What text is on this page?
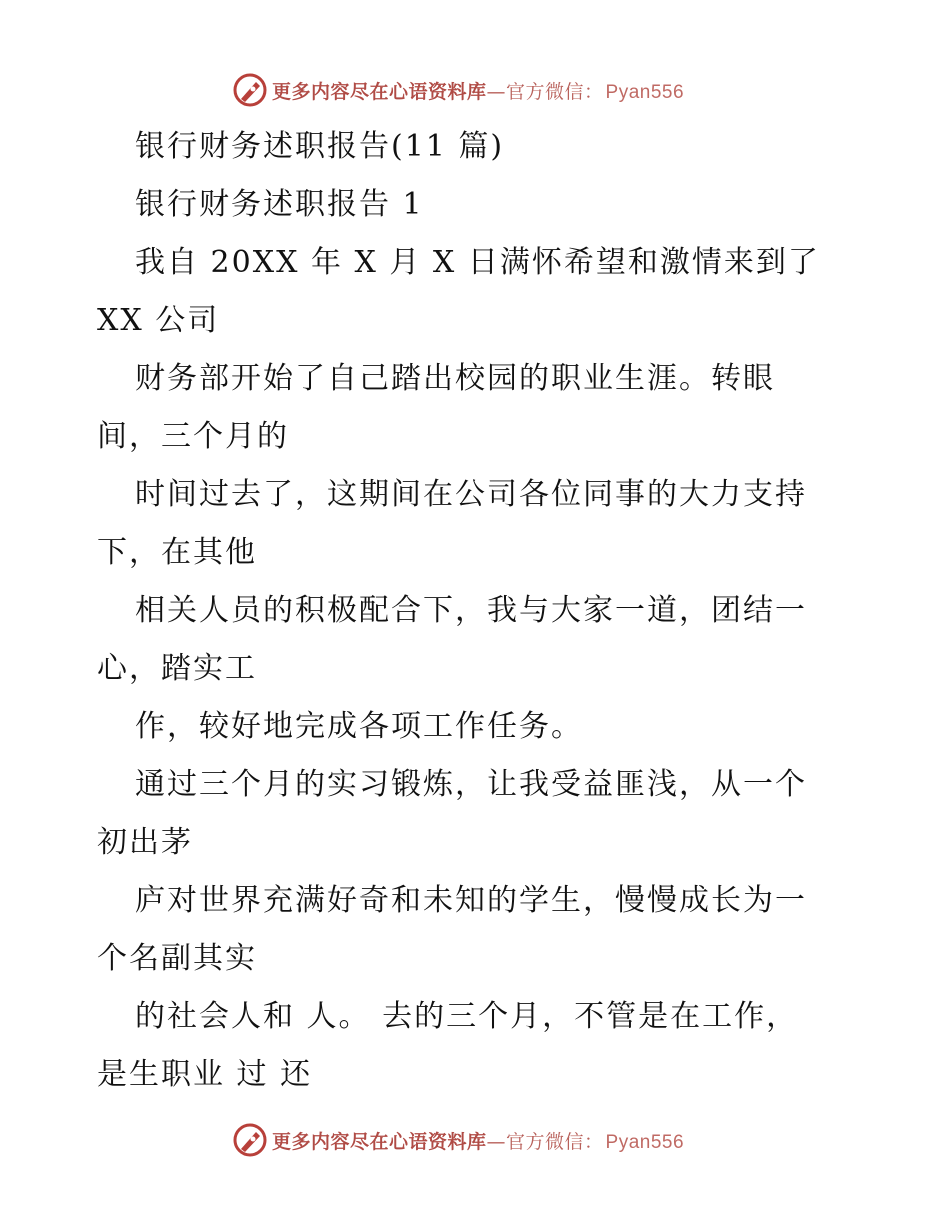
更多内容尽在心语资料库—官方微信： Pyan556
银行财务述职报告(11 篇)
银行财务述职报告 1
我自 20XX 年 X 月 X 日满怀希望和激情来到了
XX 公司
财务部开始了自己踏出校园的职业生涯。转眼
间，三个月的
时间过去了，这期间在公司各位同事的大力支持
下，在其他
相关人员的积极配合下，我与大家一道，团结一
心，踏实工
作，较好地完成各项工作任务。
通过三个月的实习锻炼，让我受益匪浅，从一个
初出茅
庐对世界充满好奇和未知的学生，慢慢成长为一
个名副其实
的社会人和 人。 去的三个月，不管是在工作，
是生职业 过 还
更多内容尽在心语资料库—官方微信： Pyan556
